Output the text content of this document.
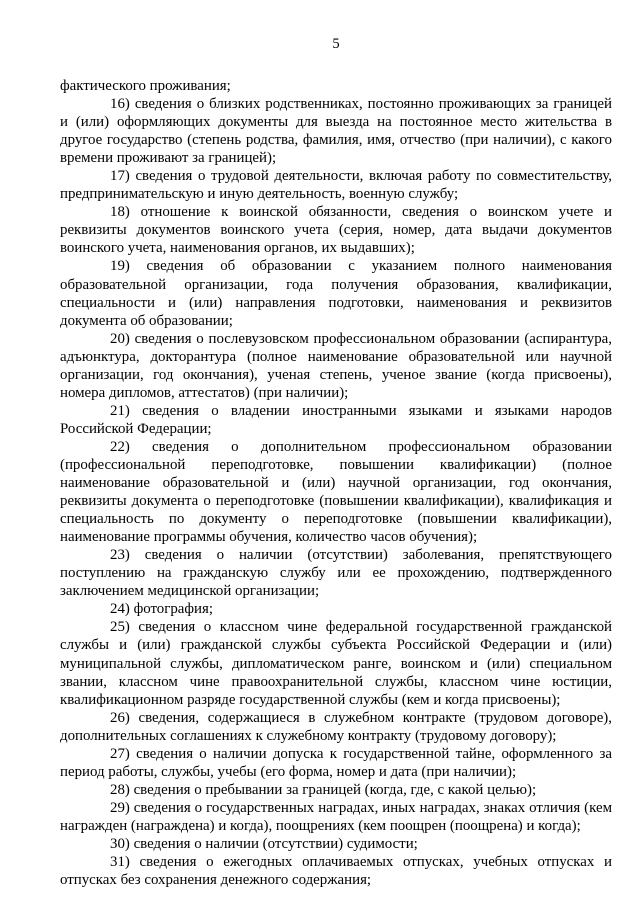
5

фактического проживания;

16) сведения о близких родственниках, постоянно проживающих за границей и (или) оформляющих документы для выезда на постоянное место жительства в другое государство (степень родства, фамилия, имя, отчество (при наличии), с какого времени проживают за границей);

17) сведения о трудовой деятельности, включая работу по совместительству, предпринимательскую и иную деятельность, военную службу;

18) отношение к воинской обязанности, сведения о воинском учете и реквизиты документов воинского учета (серия, номер, дата выдачи документов воинского учета, наименования органов, их выдавших);

19) сведения об образовании с указанием полного наименования образовательной организации, года получения образования, квалификации, специальности и (или) направления подготовки, наименования и реквизитов документа об образовании;

20) сведения о послевузовском профессиональном образовании (аспирантура, адъюнктура, докторантура (полное наименование образовательной или научной организации, год окончания), ученая степень, ученое звание (когда присвоены), номера дипломов, аттестатов) (при наличии);

21) сведения о владении иностранными языками и языками народов Российской Федерации;

22) сведения о дополнительном профессиональном образовании (профессиональной переподготовке, повышении квалификации) (полное наименование образовательной и (или) научной организации, год окончания, реквизиты документа о переподготовке (повышении квалификации), квалификация и специальность по документу о переподготовке (повышении квалификации), наименование программы обучения, количество часов обучения);

23) сведения о наличии (отсутствии) заболевания, препятствующего поступлению на гражданскую службу или ее прохождению, подтвержденного заключением медицинской организации;

24) фотография;

25) сведения о классном чине федеральной государственной гражданской службы и (или) гражданской службы субъекта Российской Федерации и (или) муниципальной службы, дипломатическом ранге, воинском и (или) специальном звании, классном чине правоохранительной службы, классном чине юстиции, квалификационном разряде государственной службы (кем и когда присвоены);

26) сведения, содержащиеся в служебном контракте (трудовом договоре), дополнительных соглашениях к служебному контракту (трудовому договору);

27) сведения о наличии допуска к государственной тайне, оформленного за период работы, службы, учебы (его форма, номер и дата (при наличии);

28) сведения о пребывании за границей (когда, где, с какой целью);

29) сведения о государственных наградах, иных наградах, знаках отличия (кем награжден (награждена) и когда), поощрениях (кем поощрен (поощрена) и когда);

30) сведения о наличии (отсутствии) судимости;

31) сведения о ежегодных оплачиваемых отпусках, учебных отпусках и отпусках без сохранения денежного содержания;
